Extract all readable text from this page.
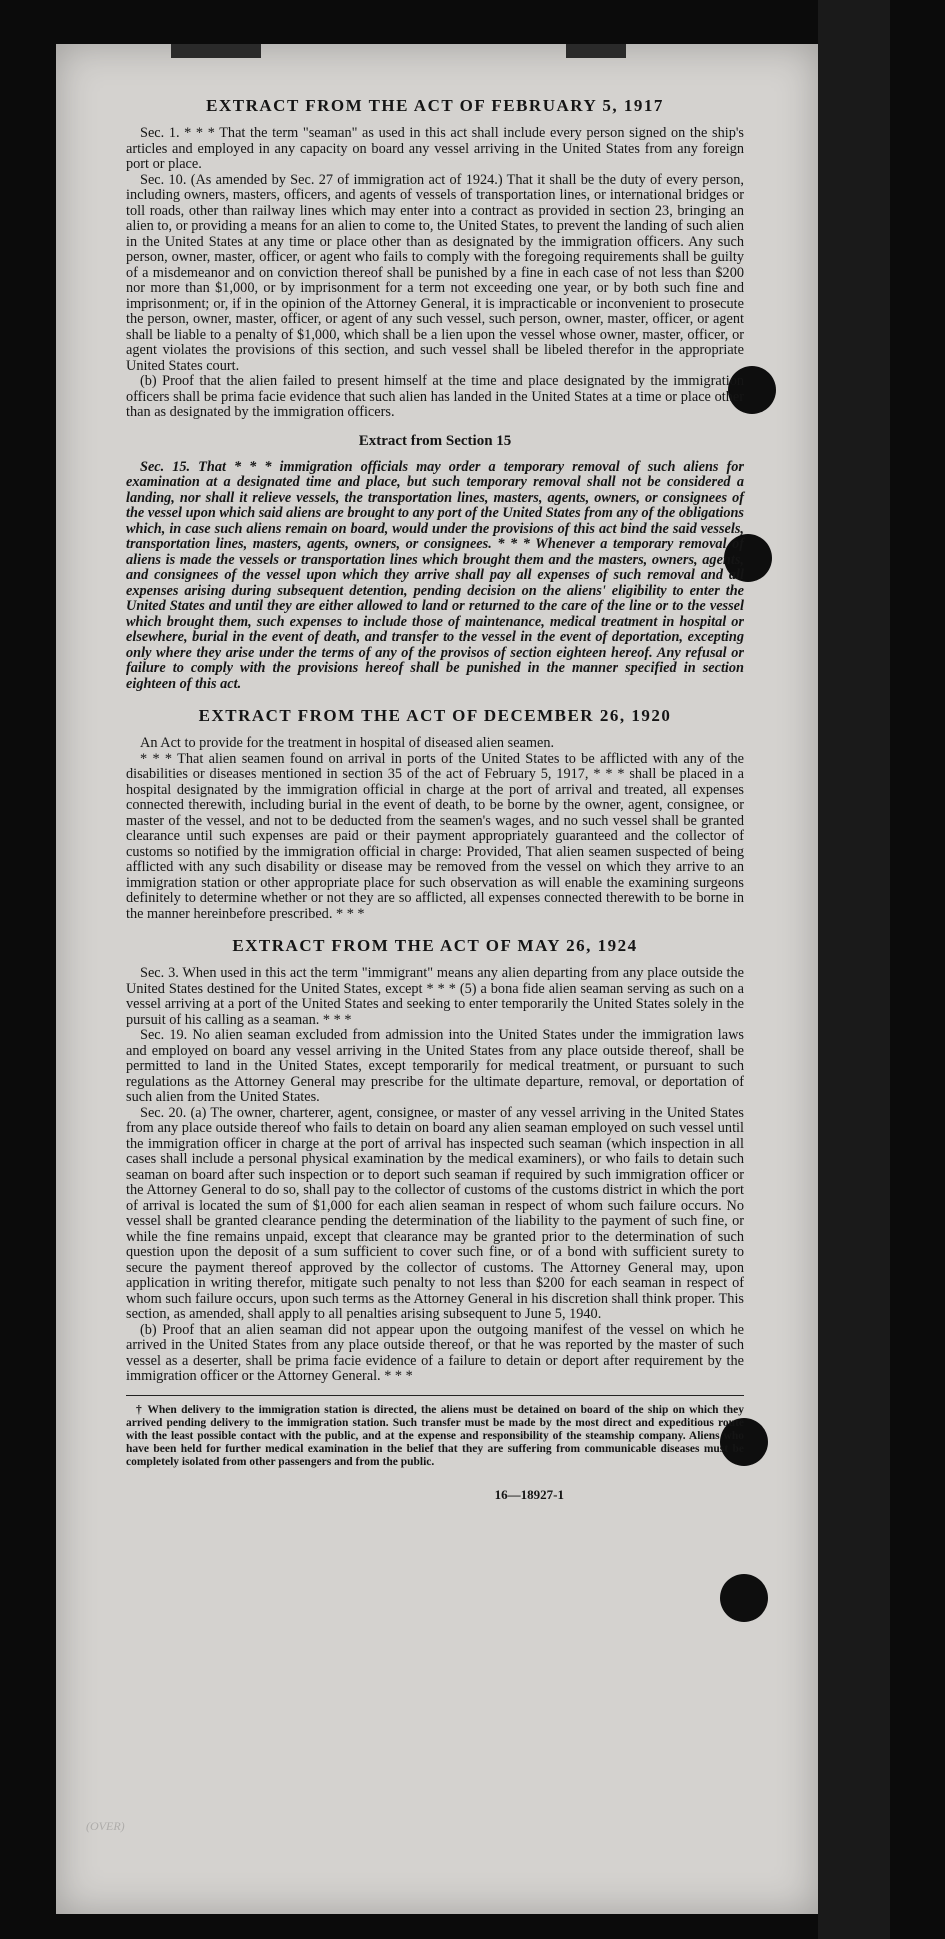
EXTRACT FROM THE ACT OF FEBRUARY 5, 1917

Sec. 1. * * * That the term "seaman" as used in this act shall include every person signed on the ship's articles and employed in any capacity on board any vessel arriving in the United States from any foreign port or place.

Sec. 10. (As amended by Sec. 27 of immigration act of 1924.) That it shall be the duty of every person, including owners, masters, officers, and agents of vessels of transportation lines, or international bridges or toll roads, other than railway lines which may enter into a contract as provided in section 23, bringing an alien to, or providing a means for an alien to come to, the United States, to prevent the landing of such alien in the United States at any time or place other than as designated by the immigration officers. Any such person, owner, master, officer, or agent who fails to comply with the foregoing requirements shall be guilty of a misdemeanor and on conviction thereof shall be punished by a fine in each case of not less than $200 nor more than $1,000, or by imprisonment for a term not exceeding one year, or by both such fine and imprisonment; or, if in the opinion of the Attorney General, it is impracticable or inconvenient to prosecute the person, owner, master, officer, or agent of any such vessel, such person, owner, master, officer, or agent shall be liable to a penalty of $1,000, which shall be a lien upon the vessel whose owner, master, officer, or agent violates the provisions of this section, and such vessel shall be libeled therefor in the appropriate United States court.

(b) Proof that the alien failed to present himself at the time and place designated by the immigration officers shall be prima facie evidence that such alien has landed in the United States at a time or place other than as designated by the immigration officers.

Extract from Section 15

Sec. 15. That * * * immigration officials may order a temporary removal of such aliens for examination at a designated time and place, but such temporary removal shall not be considered a landing, nor shall it relieve vessels, the transportation lines, masters, agents, owners, or consignees of the vessel upon which said aliens are brought to any port of the United States from any of the obligations which, in case such aliens remain on board, would under the provisions of this act bind the said vessels, transportation lines, masters, agents, owners, or consignees. * * * Whenever a temporary removal of aliens is made the vessels or transportation lines which brought them and the masters, owners, agents, and consignees of the vessel upon which they arrive shall pay all expenses of such removal and all expenses arising during subsequent detention, pending decision on the aliens' eligibility to enter the United States and until they are either allowed to land or returned to the care of the line or to the vessel which brought them, such expenses to include those of maintenance, medical treatment in hospital or elsewhere, burial in the event of death, and transfer to the vessel in the event of deportation, excepting only where they arise under the terms of any of the provisos of section eighteen hereof. Any refusal or failure to comply with the provisions hereof shall be punished in the manner specified in section eighteen of this act.

EXTRACT FROM THE ACT OF DECEMBER 26, 1920

An Act to provide for the treatment in hospital of diseased alien seamen.

* * * That alien seamen found on arrival in ports of the United States to be afflicted with any of the disabilities or diseases mentioned in section 35 of the act of February 5, 1917, * * * shall be placed in a hospital designated by the immigration official in charge at the port of arrival and treated, all expenses connected therewith, including burial in the event of death, to be borne by the owner, agent, consignee, or master of the vessel, and not to be deducted from the seamen's wages, and no such vessel shall be granted clearance until such expenses are paid or their payment appropriately guaranteed and the collector of customs so notified by the immigration official in charge: Provided, That alien seamen suspected of being afflicted with any such disability or disease may be removed from the vessel on which they arrive to an immigration station or other appropriate place for such observation as will enable the examining surgeons definitely to determine whether or not they are so afflicted, all expenses connected therewith to be borne in the manner hereinbefore prescribed. * * *

EXTRACT FROM THE ACT OF MAY 26, 1924

Sec. 3. When used in this act the term "immigrant" means any alien departing from any place outside the United States destined for the United States, except * * * (5) a bona fide alien seaman serving as such on a vessel arriving at a port of the United States and seeking to enter temporarily the United States solely in the pursuit of his calling as a seaman. * * *

Sec. 19. No alien seaman excluded from admission into the United States under the immigration laws and employed on board any vessel arriving in the United States from any place outside thereof, shall be permitted to land in the United States, except temporarily for medical treatment, or pursuant to such regulations as the Attorney General may prescribe for the ultimate departure, removal, or deportation of such alien from the United States.

Sec. 20. (a) The owner, charterer, agent, consignee, or master of any vessel arriving in the United States from any place outside thereof who fails to detain on board any alien seaman employed on such vessel until the immigration officer in charge at the port of arrival has inspected such seaman (which inspection in all cases shall include a personal physical examination by the medical examiners), or who fails to detain such seaman on board after such inspection or to deport such seaman if required by such immigration officer or the Attorney General to do so, shall pay to the collector of customs of the customs district in which the port of arrival is located the sum of $1,000 for each alien seaman in respect of whom such failure occurs. No vessel shall be granted clearance pending the determination of the liability to the payment of such fine, or while the fine remains unpaid, except that clearance may be granted prior to the determination of such question upon the deposit of a sum sufficient to cover such fine, or of a bond with sufficient surety to secure the payment thereof approved by the collector of customs. The Attorney General may, upon application in writing therefor, mitigate such penalty to not less than $200 for each seaman in respect of whom such failure occurs, upon such terms as the Attorney General in his discretion shall think proper. This section, as amended, shall apply to all penalties arising subsequent to June 5, 1940.

(b) Proof that an alien seaman did not appear upon the outgoing manifest of the vessel on which he arrived in the United States from any place outside thereof, or that he was reported by the master of such vessel as a deserter, shall be prima facie evidence of a failure to detain or deport after requirement by the immigration officer or the Attorney General. * * *

† When delivery to the immigration station is directed, the aliens must be detained on board of the ship on which they arrived pending delivery to the immigration station. Such transfer must be made by the most direct and expeditious route with the least possible contact with the public, and at the expense and responsibility of the steamship company. Aliens who have been held for further medical examination in the belief that they are suffering from communicable diseases must be completely isolated from other passengers and from the public.

16—18927-1
(OVER)
